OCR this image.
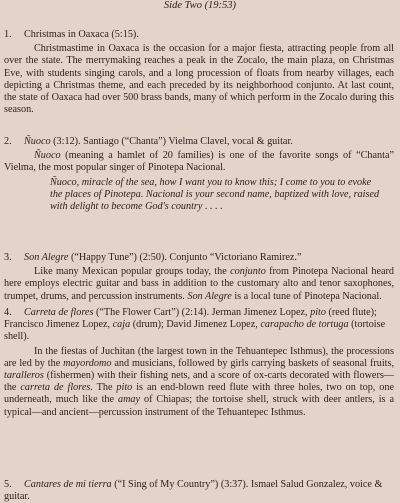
Side Two (19:53)
1. Christmas in Oaxaca (5:15).

Christmastime in Oaxaca is the occasion for a major fiesta, attracting people from all over the state. The merrymaking reaches a peak in the Zocalo, the main plaza, on Christmas Eve, with students singing carols, and a long procession of floats from nearby villages, each depicting a Christmas theme, and each preceded by its neighborhood conjunto. At last count, the state of Oaxaca had over 500 brass bands, many of which perform in the Zocalo during this season.

2. Ñuoco (3:12). Santiago (“Chanta”) Vielma Clavel, vocal & guitar.

Ñuoco (meaning a hamlet of 20 families) is one of the favorite songs of “Chanta” Vielma, the most popular singer of Pinotepa Nacional.

Ñuoco, miracle of the sea, how I want you to know this; I come to you to evoke the places of Pinotepa. Nacional is your second name, baptized with love, raised with delight to become God's country . . . .

3. Son Alegre (“Happy Tune”) (2:50). Conjunto “Victoriano Ramirez.”

Like many Mexican popular groups today, the conjunto from Pinotepa Nacional heard here employs electric guitar and bass in addition to the customary alto and tenor saxophones, trumpet, drums, and percussion instruments. Son Alegre is a local tune of Pinotepa Nacional.

4. Carreta de flores (“The Flower Cart”) (2:14). Jerman Jimenez Lopez, pito (reed flute); Francisco Jimenez Lopez, caja (drum); David Jimenez Lopez, carapacho de tortuga (tortoise shell).

In the fiestas of Juchitan (the largest town in the Tehuantepec Isthmus), the processions are led by the mayordomo and musicians, followed by girls carrying baskets of seasonal fruits, taralleros (fishermen) with their fishing nets, and a score of ox-carts decorated with flowers—the carreta de flores. The pito is an end-blown reed flute with three holes, two on top, one underneath, much like the amay of Chiapas; the tortoise shell, struck with deer antlers, is a typical—and ancient—percussion instrument of the Tehuantepec Isthmus.

5. Cantares de mi tierra (“I Sing of My Country”) (3:37). Ismael Salud Gonzalez, voice & guitar.
